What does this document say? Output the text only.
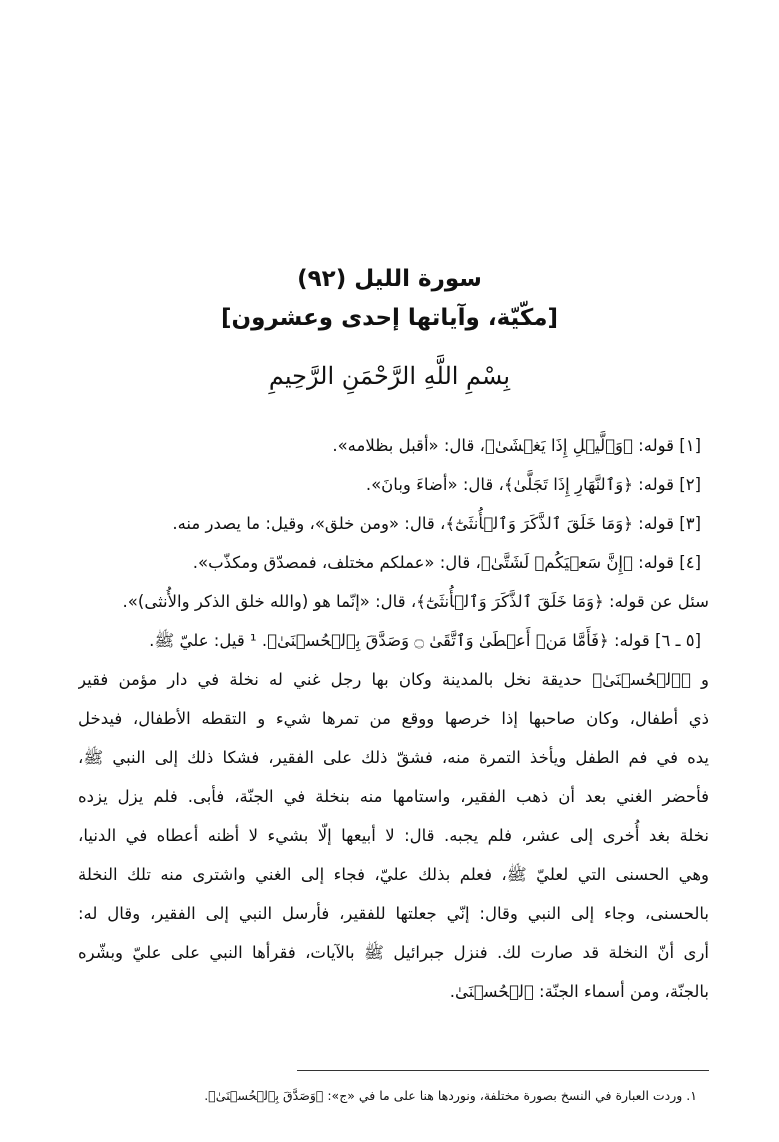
سورة الليل (٩٢)
[مكّيّة، وآياتها إحدى وعشرون]
بِسْمِ اللَّهِ الرَّحْمَنِ الرَّحِيمِ
[١] قوله: ﴿وَٱلَّيۡلِ إِذَا يَغۡشَىٰ﴾، قال: «أقبل بظلامه».
[٢] قوله: ﴿وَٱلنَّهَارِ إِذَا تَجَلَّىٰ﴾، قال: «أضاءَ وبانَ».
[٣] قوله: ﴿وَمَا خَلَقَ ٱلذَّكَرَ وَٱلۡأُنثَىٰٓ﴾، قال: «ومن خلق»، وقيل: ما يصدر منه.
[٤] قوله: ﴿إِنَّ سَعۡيَكُمۡ لَشَتَّىٰ﴾، قال: «عملكم مختلف، فمصدّق ومكذّب».
سئل عن قوله: ﴿وَمَا خَلَقَ ٱلذَّكَرَ وَٱلۡأُنثَىٰٓ﴾، قال: «إنّما هو (والله خلق الذكر والأُنثى)».
[٥ ـ ٦] قوله: ﴿فَأَمَّا مَنۡ أَعۡطَىٰ وَٱتَّقَىٰ ۝ وَصَدَّقَ بِٱلۡحُسۡنَىٰ﴾. ¹ قيل: عليّ ﷺ.
و ﴿ٱلۡحُسۡنَىٰ﴾ حديقة نخل بالمدينة وكان بها رجل غني له نخلة في دار مؤمن فقير
ذي أطفال، وكان صاحبها إذا خرصها ووقع من تمرها شيء و التقطه الأطفال، فيدخل
يده في فم الطفل ويأخذ التمرة منه، فشقّ ذلك على الفقير، فشكا ذلك إلى النبي ﷺ،
فأحضر الغني بعد أن ذهب الفقير، واستامها منه بنخلة في الجنّة، فأبى. فلم يزل يزده
نخلة بغد أُخرى إلى عشر، فلم يجبه. قال: لا أبيعها إلّا بشيء لا أظنه أعطاه في الدنيا،
وهي الحسنى التي لعليّ ﷺ، فعلم بذلك عليّ، فجاء إلى الغني واشترى منه تلك النخلة
بالحسنى، وجاء إلى النبي وقال: إنّي جعلتها للفقير، فأرسل النبي إلى الفقير، وقال له:
أرى أنّ النخلة قد صارت لك. فنزل جبرائيل ﷺ بالآيات، فقرأها النبي على عليّ وبشّره
بالجنّة، ومن أسماء الجنّة: ٱلۡحُسۡنَىٰ.
١. وردت العبارة في النسخ بصورة مختلفة، ونوردها هنا على ما في «ج»: ﴿وَصَدَّقَ بِٱلۡحُسۡنَىٰ﴾.
